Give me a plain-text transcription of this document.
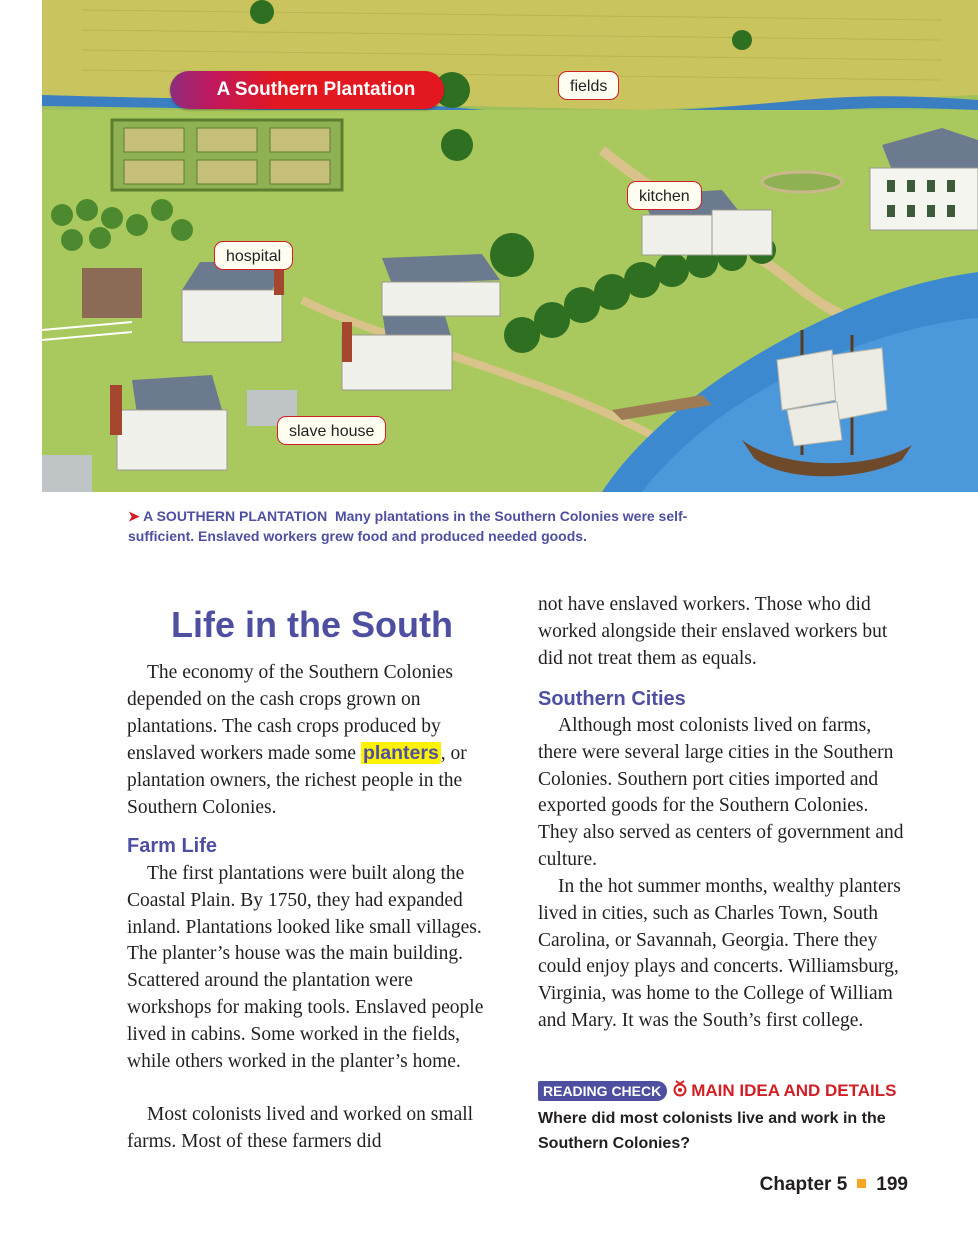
A Southern Plantation	fields
kitchen
hospital
slave house
➤ A SOUTHERN PLANTATION Many plantations in the Southern Colonies were self-sufficient. Enslaved workers grew food and produced needed goods.
Life in the South
The economy of the Southern Colonies depended on the cash crops grown on plantations. The cash crops produced by enslaved workers made some planters , or plantation owners, the richest people in the Southern Colonies.
Farm Life
The first plantations were built along the Coastal Plain. By 1750, they had expanded inland. Plantations looked like small villages. The planter’s house was the main building. Scattered around the plantation were workshops for making tools. Enslaved people lived in cabins. Some worked in the fields, while others worked in the planter’s home.
Most colonists lived and worked on small farms. Most of these farmers did
not have enslaved workers. Those who did worked alongside their enslaved workers but did not treat them as equals.
Southern Cities
Although most colonists lived on farms, there were several large cities in the Southern Colonies. Southern port cities imported and exported goods for the Southern Colonies. They also served as centers of government and culture.
In the hot summer months, wealthy planters lived in cities, such as Charles Town, South Carolina, or Savannah, Georgia. There they could enjoy plays and concerts. Williamsburg, Virginia, was home to the College of William and Mary. It was the South’s first college.
READING CHECK MAIN IDEA AND DETAILS
Where did most colonists live and work in the Southern Colonies?
Chapter 5 199
